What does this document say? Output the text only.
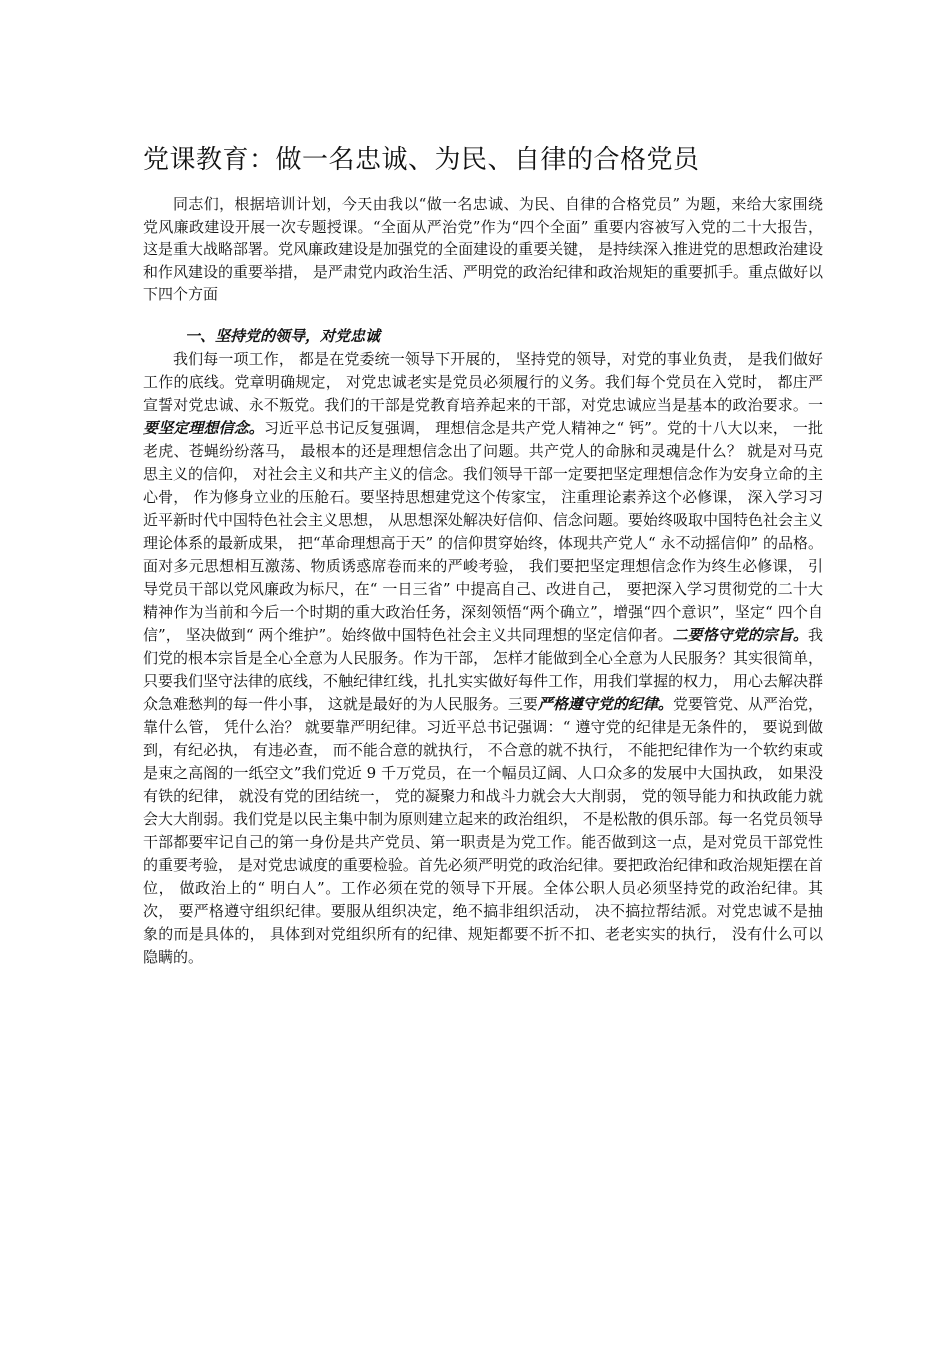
党课教育：做一名忠诚、为民、自律的合格党员

同志们，根据培训计划，今天由我以“做一名忠诚、为民、自律的合格党员” 为题，来给大家围绕党风廉政建设开展一次专题授课。“全面从严治党”作为“四个全面” 重要内容被写入党的二十大报告， 这是重大战略部署。党风廉政建设是加强党的全面建设的重要关键， 是持续深入推进党的思想政治建设和作风建设的重要举措， 是严肃党内政治生活、严明党的政治纪律和政治规矩的重要抓手。重点做好以下四个方面

一、坚持党的领导，对党忠诚

我们每一项工作， 都是在党委统一领导下开展的， 坚持党的领导，对党的事业负责， 是我们做好工作的底线。党章明确规定， 对党忠诚老实是党员必须履行的义务。我们每个党员在入党时， 都庄严宣誓对党忠诚、永不叛党。我们的干部是党教育培养起来的干部，对党忠诚应当是基本的政治要求。一要坚定理想信念。习近平总书记反复强调， 理想信念是共产党人精神之“ 钙”。党的十八大以来， 一批老虎、苍蝇纷纷落马， 最根本的还是理想信念出了问题。共产党人的命脉和灵魂是什么？ 就是对马克思主义的信仰， 对社会主义和共产主义的信念。我们领导干部一定要把坚定理想信念作为安身立命的主心骨， 作为修身立业的压舱石。要坚持思想建党这个传家宝， 注重理论素养这个必修课， 深入学习习近平新时代中国特色社会主义思想， 从思想深处解决好信仰、信念问题。要始终吸取中国特色社会主义理论体系的最新成果， 把“革命理想高于天” 的信仰贯穿始终，体现共产党人“ 永不动摇信仰” 的品格。面对多元思想相互激荡、物质诱惑席卷而来的严峻考验， 我们要把坚定理想信念作为终生必修课， 引导党员干部以党风廉政为标尺，在“ 一日三省” 中提高自己、改进自己， 要把深入学习贯彻党的二十大精神作为当前和今后一个时期的重大政治任务，深刻领悟“两个确立”，增强“四个意识”，坚定“ 四个自信”， 坚决做到“ 两个维护”。始终做中国特色社会主义共同理想的坚定信仰者。二要恪守党的宗旨。我们党的根本宗旨是全心全意为人民服务。作为干部， 怎样才能做到全心全意为人民服务？其实很简单， 只要我们坚守法律的底线，不触纪律红线，扎扎实实做好每件工作，用我们掌握的权力， 用心去解决群众急难愁判的每一件小事， 这就是最好的为人民服务。三要严格遵守党的纪律。党要管党、从严治党， 靠什么管， 凭什么治？ 就要靠严明纪律。习近平总书记强调：“ 遵守党的纪律是无条件的， 要说到做到，有纪必执， 有违必查， 而不能合意的就执行， 不合意的就不执行， 不能把纪律作为一个软约束或是束之高阁的一纸空文”我们党近 9 千万党员，在一个幅员辽阔、人口众多的发展中大国执政， 如果没有铁的纪律， 就没有党的团结统一， 党的凝聚力和战斗力就会大大削弱， 党的领导能力和执政能力就会大大削弱。我们党是以民主集中制为原则建立起来的政治组织， 不是松散的俱乐部。每一名党员领导干部都要牢记自己的第一身份是共产党员、第一职责是为党工作。能否做到这一点，是对党员干部党性的重要考验， 是对党忠诚度的重要检验。首先必须严明党的政治纪律。要把政治纪律和政治规矩摆在首位， 做政治上的“ 明白人”。工作必须在党的领导下开展。全体公职人员必须坚持党的政治纪律。其次， 要严格遵守组织纪律。要服从组织决定，绝不搞非组织活动， 决不搞拉帮结派。对党忠诚不是抽象的而是具体的， 具体到对党组织所有的纪律、规矩都要不折不扣、老老实实的执行， 没有什么可以隐瞒的。
